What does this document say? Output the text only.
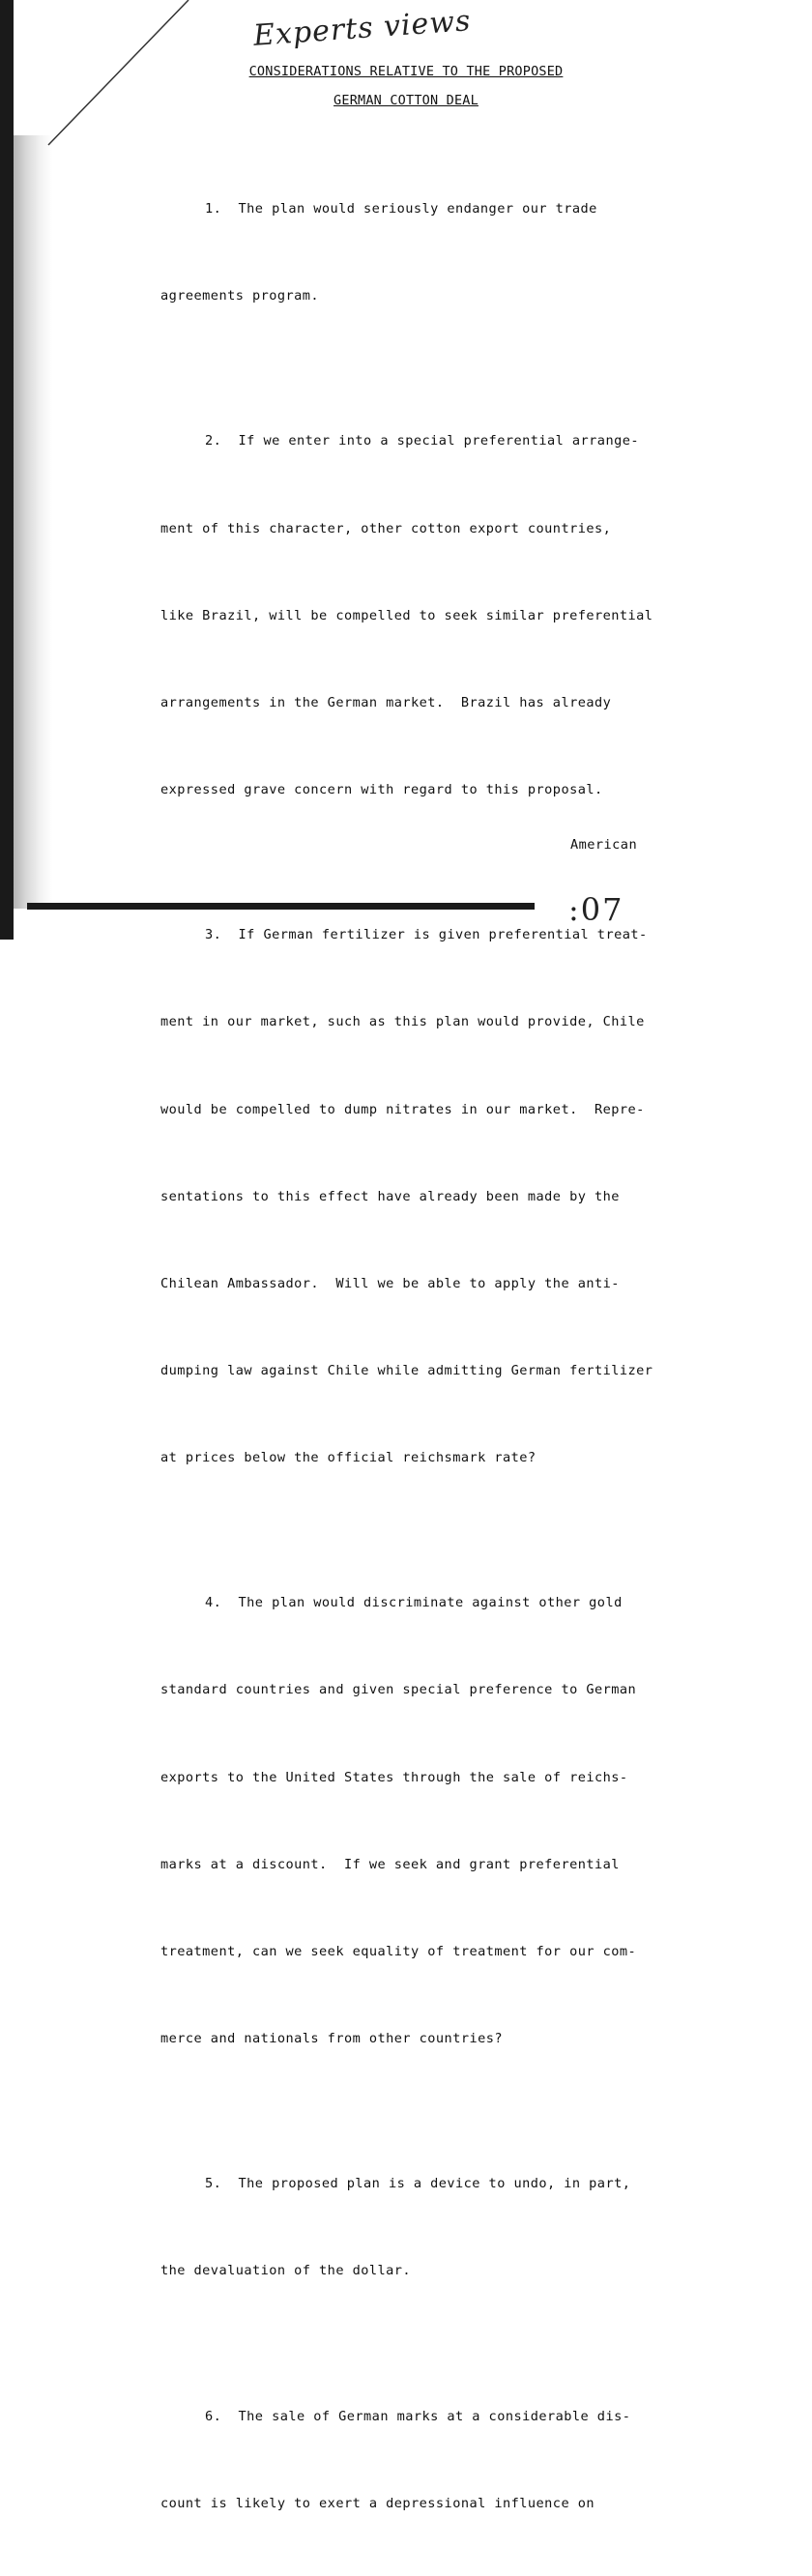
Experts views
CONSIDERATIONS RELATIVE TO THE PROPOSED
GERMAN COTTON DEAL

1.  The plan would seriously endanger our trade

agreements program.

2.  If we enter into a special preferential arrange-

ment of this character, other cotton export countries,

like Brazil, will be compelled to seek similar preferential

arrangements in the German market.  Brazil has already

expressed grave concern with regard to this proposal.

3.  If German fertilizer is given preferential treat-

ment in our market, such as this plan would provide, Chile

would be compelled to dump nitrates in our market.  Repre-

sentations to this effect have already been made by the

Chilean Ambassador.  Will we be able to apply the anti-

dumping law against Chile while admitting German fertilizer

at prices below the official reichsmark rate?

4.  The plan would discriminate against other gold

standard countries and given special preference to German

exports to the United States through the sale of reichs-

marks at a discount.  If we seek and grant preferential

treatment, can we seek equality of treatment for our com-

merce and nationals from other countries?

5.  The proposed plan is a device to undo, in part,

the devaluation of the dollar.

6.  The sale of German marks at a considerable dis-

count is likely to exert a depressional influence on

American
:07
